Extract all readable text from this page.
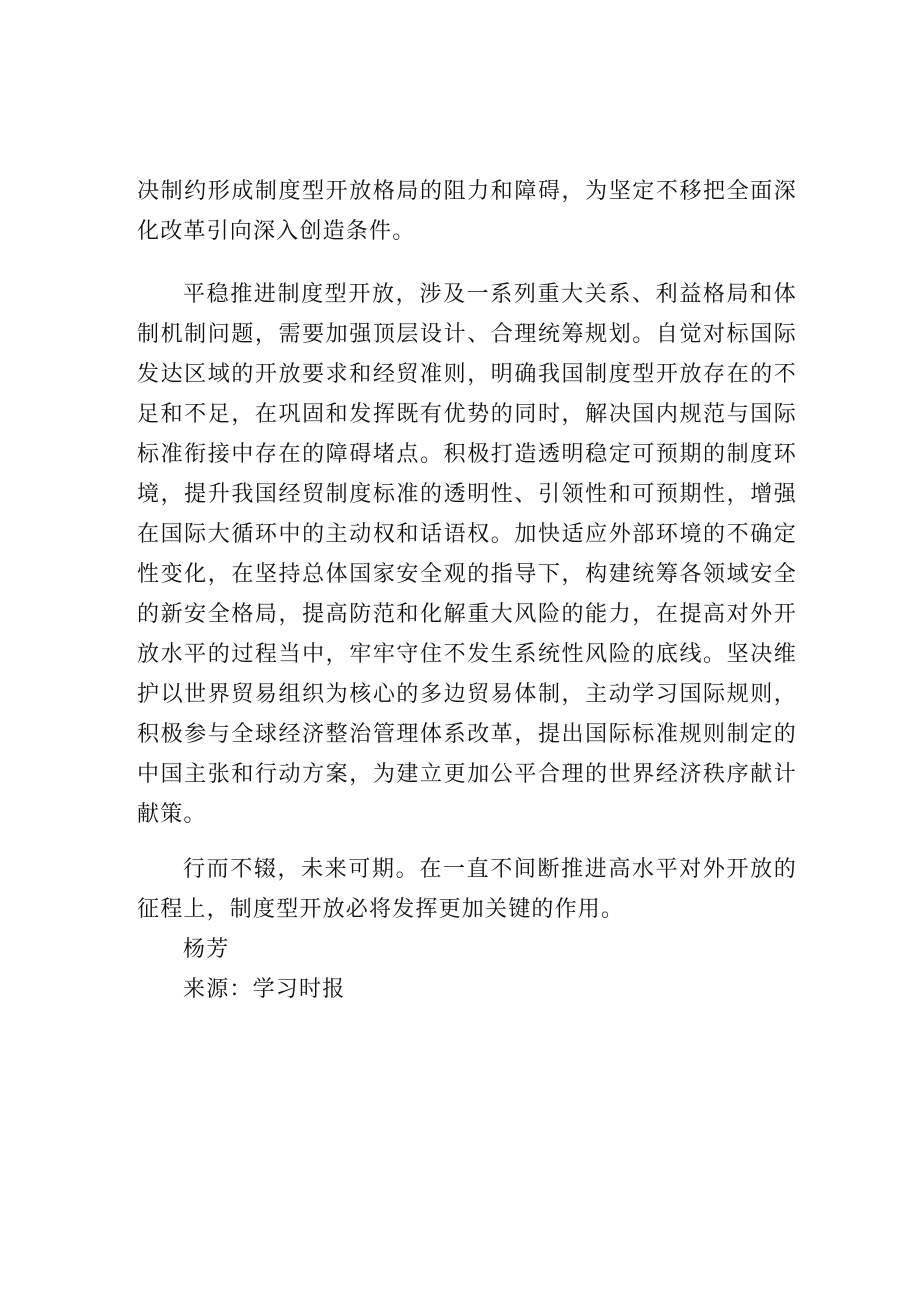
决制约形成制度型开放格局的阻力和障碍，为坚定不移把全面深化改革引向深入创造条件。

平稳推进制度型开放，涉及一系列重大关系、利益格局和体制机制问题，需要加强顶层设计、合理统筹规划。自觉对标国际发达区域的开放要求和经贸准则，明确我国制度型开放存在的不足和不足，在巩固和发挥既有优势的同时，解决国内规范与国际标准衔接中存在的障碍堵点。积极打造透明稳定可预期的制度环境，提升我国经贸制度标准的透明性、引领性和可预期性，增强在国际大循环中的主动权和话语权。加快适应外部环境的不确定性变化，在坚持总体国家安全观的指导下，构建统筹各领域安全的新安全格局，提高防范和化解重大风险的能力，在提高对外开放水平的过程当中，牢牢守住不发生系统性风险的底线。坚决维护以世界贸易组织为核心的多边贸易体制，主动学习国际规则，积极参与全球经济整治管理体系改革，提出国际标准规则制定的中国主张和行动方案，为建立更加公平合理的世界经济秩序献计献策。

行而不辍，未来可期。在一直不间断推进高水平对外开放的征程上，制度型开放必将发挥更加关键的作用。

杨芳

来源：学习时报
